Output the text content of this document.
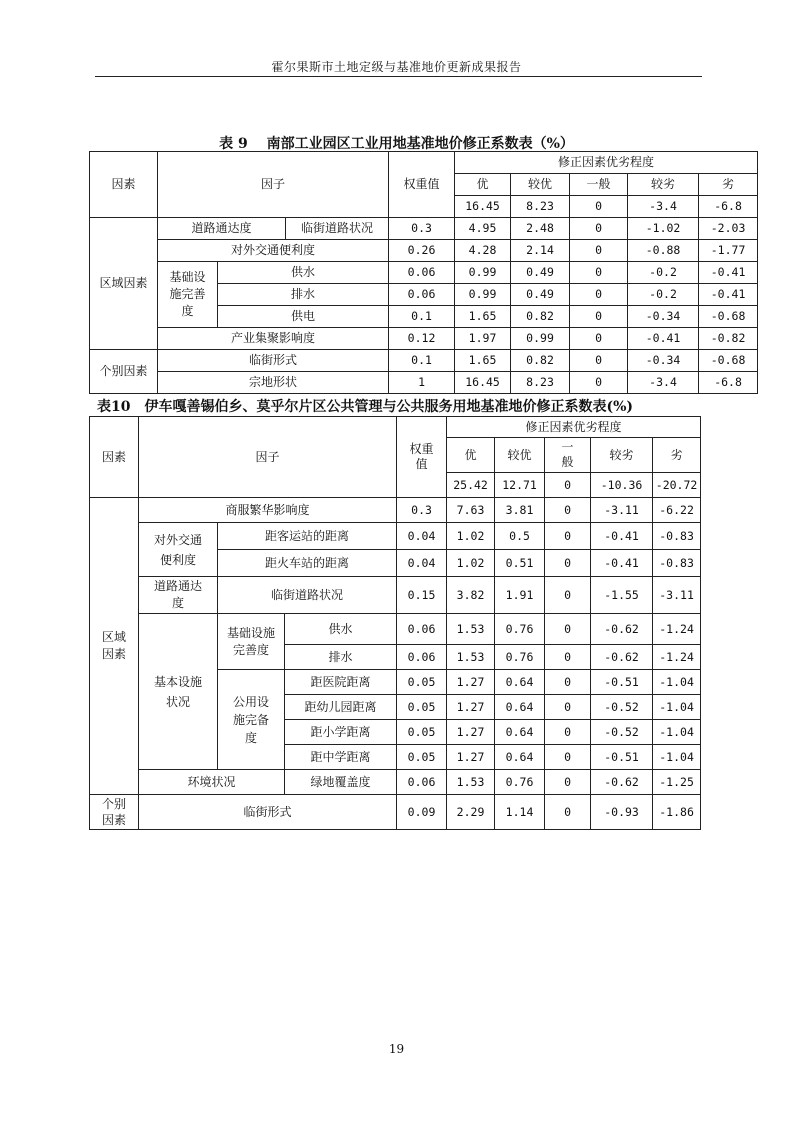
霍尔果斯市土地定级与基准地价更新成果报告
表 9　 南部工业园区工业用地基准地价修正系数表（%）
因素	因子			权重值	修正因素优劣程度				
					优	较优	一般	较劣	劣
					16.45	8.23	0	-3.4	-6.8
区域因素	道路通达度		临街道路状况	0.3	4.95	2.48	0	-1.02	-2.03
	对外交通便利度			0.26	4.28	2.14	0	-0.88	-1.77
	基础设施完善度	供水		0.06	0.99	0.49	0	-0.2	-0.41
		排水		0.06	0.99	0.49	0	-0.2	-0.41
		供电		0.1	1.65	0.82	0	-0.34	-0.68
	产业集聚影响度			0.12	1.97	0.99	0	-0.41	-0.82
个别因素	临街形式			0.1	1.65	0.82	0	-0.34	-0.68
	宗地形状			1	16.45	8.23	0	-3.4	-6.8
表10　伊车嘎善锡伯乡、莫乎尔片区公共管理与公共服务用地基准地价修正系数表(%)
因素	因子			权重值	修正因素优劣程度				
					优	较优	一般	较劣	劣
					25.42	12.71	0	-10.36	-20.72
区域因素	商服繁华影响度			0.3	7.63	3.81	0	-3.11	-6.22
	对外交通便利度	距客运站的距离		0.04	1.02	0.5	0	-0.41	-0.83
		距火车站的距离		0.04	1.02	0.51	0	-0.41	-0.83
	道路通达度	临街道路状况		0.15	3.82	1.91	0	-1.55	-3.11
	基本设施状况	基础设施完善度	供水	0.06	1.53	0.76	0	-0.62	-1.24
			排水	0.06	1.53	0.76	0	-0.62	-1.24
		公用设施完备度	距医院距离	0.05	1.27	0.64	0	-0.51	-1.04
			距幼儿园距离	0.05	1.27	0.64	0	-0.52	-1.04
			距小学距离	0.05	1.27	0.64	0	-0.52	-1.04
			距中学距离	0.05	1.27	0.64	0	-0.51	-1.04
	环境状况		绿地覆盖度	0.06	1.53	0.76	0	-0.62	-1.25
个别因素	临街形式			0.09	2.29	1.14	0	-0.93	-1.86
19
